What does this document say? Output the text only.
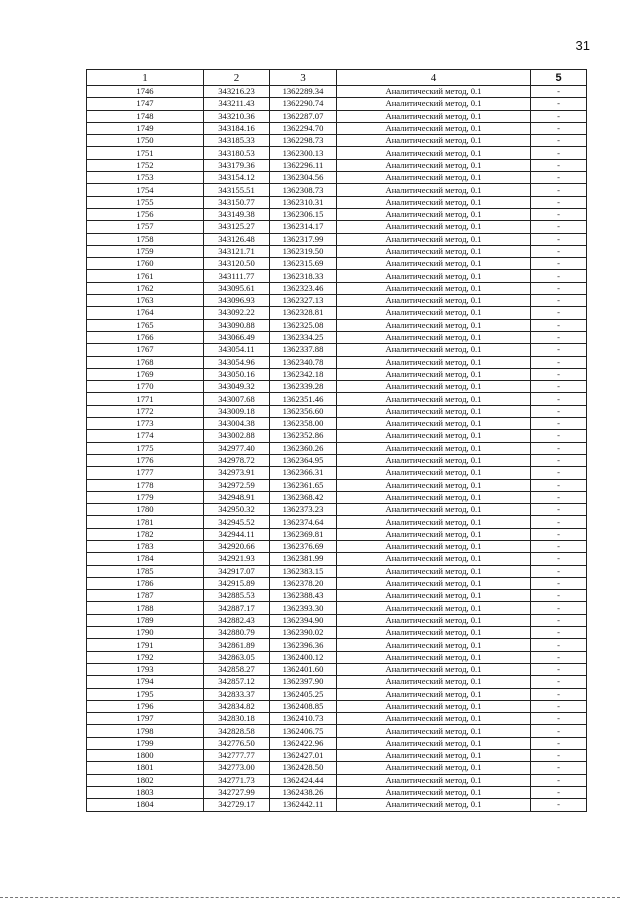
31
1	2	3	4	5
1746	343216.23	1362289.34	Аналитический метод, 0.1	-
1747	343211.43	1362290.74	Аналитический метод, 0.1	-
1748	343210.36	1362287.07	Аналитический метод, 0.1	-
1749	343184.16	1362294.70	Аналитический метод, 0.1	-
1750	343185.33	1362298.73	Аналитический метод, 0.1	-
1751	343180.53	1362300.13	Аналитический метод, 0.1	-
1752	343179.36	1362296.11	Аналитический метод, 0.1	-
1753	343154.12	1362304.56	Аналитический метод, 0.1	-
1754	343155.51	1362308.73	Аналитический метод, 0.1	-
1755	343150.77	1362310.31	Аналитический метод, 0.1	-
1756	343149.38	1362306.15	Аналитический метод, 0.1	-
1757	343125.27	1362314.17	Аналитический метод, 0.1	-
1758	343126.48	1362317.99	Аналитический метод, 0.1	-
1759	343121.71	1362319.50	Аналитический метод, 0.1	-
1760	343120.50	1362315.69	Аналитический метод, 0.1	-
1761	343111.77	1362318.33	Аналитический метод, 0.1	-
1762	343095.61	1362323.46	Аналитический метод, 0.1	-
1763	343096.93	1362327.13	Аналитический метод, 0.1	-
1764	343092.22	1362328.81	Аналитический метод, 0.1	-
1765	343090.88	1362325.08	Аналитический метод, 0.1	-
1766	343066.49	1362334.25	Аналитический метод, 0.1	-
1767	343054.11	1362337.88	Аналитический метод, 0.1	-
1768	343054.96	1362340.78	Аналитический метод, 0.1	-
1769	343050.16	1362342.18	Аналитический метод, 0.1	-
1770	343049.32	1362339.28	Аналитический метод, 0.1	-
1771	343007.68	1362351.46	Аналитический метод, 0.1	-
1772	343009.18	1362356.60	Аналитический метод, 0.1	-
1773	343004.38	1362358.00	Аналитический метод, 0.1	-
1774	343002.88	1362352.86	Аналитический метод, 0.1	-
1775	342977.40	1362360.26	Аналитический метод, 0.1	-
1776	342978.72	1362364.95	Аналитический метод, 0.1	-
1777	342973.91	1362366.31	Аналитический метод, 0.1	-
1778	342972.59	1362361.65	Аналитический метод, 0.1	-
1779	342948.91	1362368.42	Аналитический метод, 0.1	-
1780	342950.32	1362373.23	Аналитический метод, 0.1	-
1781	342945.52	1362374.64	Аналитический метод, 0.1	-
1782	342944.11	1362369.81	Аналитический метод, 0.1	-
1783	342920.66	1362376.69	Аналитический метод, 0.1	-
1784	342921.93	1362381.99	Аналитический метод, 0.1	-
1785	342917.07	1362383.15	Аналитический метод, 0.1	-
1786	342915.89	1362378.20	Аналитический метод, 0.1	-
1787	342885.53	1362388.43	Аналитический метод, 0.1	-
1788	342887.17	1362393.30	Аналитический метод, 0.1	-
1789	342882.43	1362394.90	Аналитический метод, 0.1	-
1790	342880.79	1362390.02	Аналитический метод, 0.1	-
1791	342861.89	1362396.36	Аналитический метод, 0.1	-
1792	342863.05	1362400.12	Аналитический метод, 0.1	-
1793	342858.27	1362401.60	Аналитический метод, 0.1	-
1794	342857.12	1362397.90	Аналитический метод, 0.1	-
1795	342833.37	1362405.25	Аналитический метод, 0.1	-
1796	342834.82	1362408.85	Аналитический метод, 0.1	-
1797	342830.18	1362410.73	Аналитический метод, 0.1	-
1798	342828.58	1362406.75	Аналитический метод, 0.1	-
1799	342776.50	1362422.96	Аналитический метод, 0.1	-
1800	342777.77	1362427.01	Аналитический метод, 0.1	-
1801	342773.00	1362428.50	Аналитический метод, 0.1	-
1802	342771.73	1362424.44	Аналитический метод, 0.1	-
1803	342727.99	1362438.26	Аналитический метод, 0.1	-
1804	342729.17	1362442.11	Аналитический метод, 0.1	-
